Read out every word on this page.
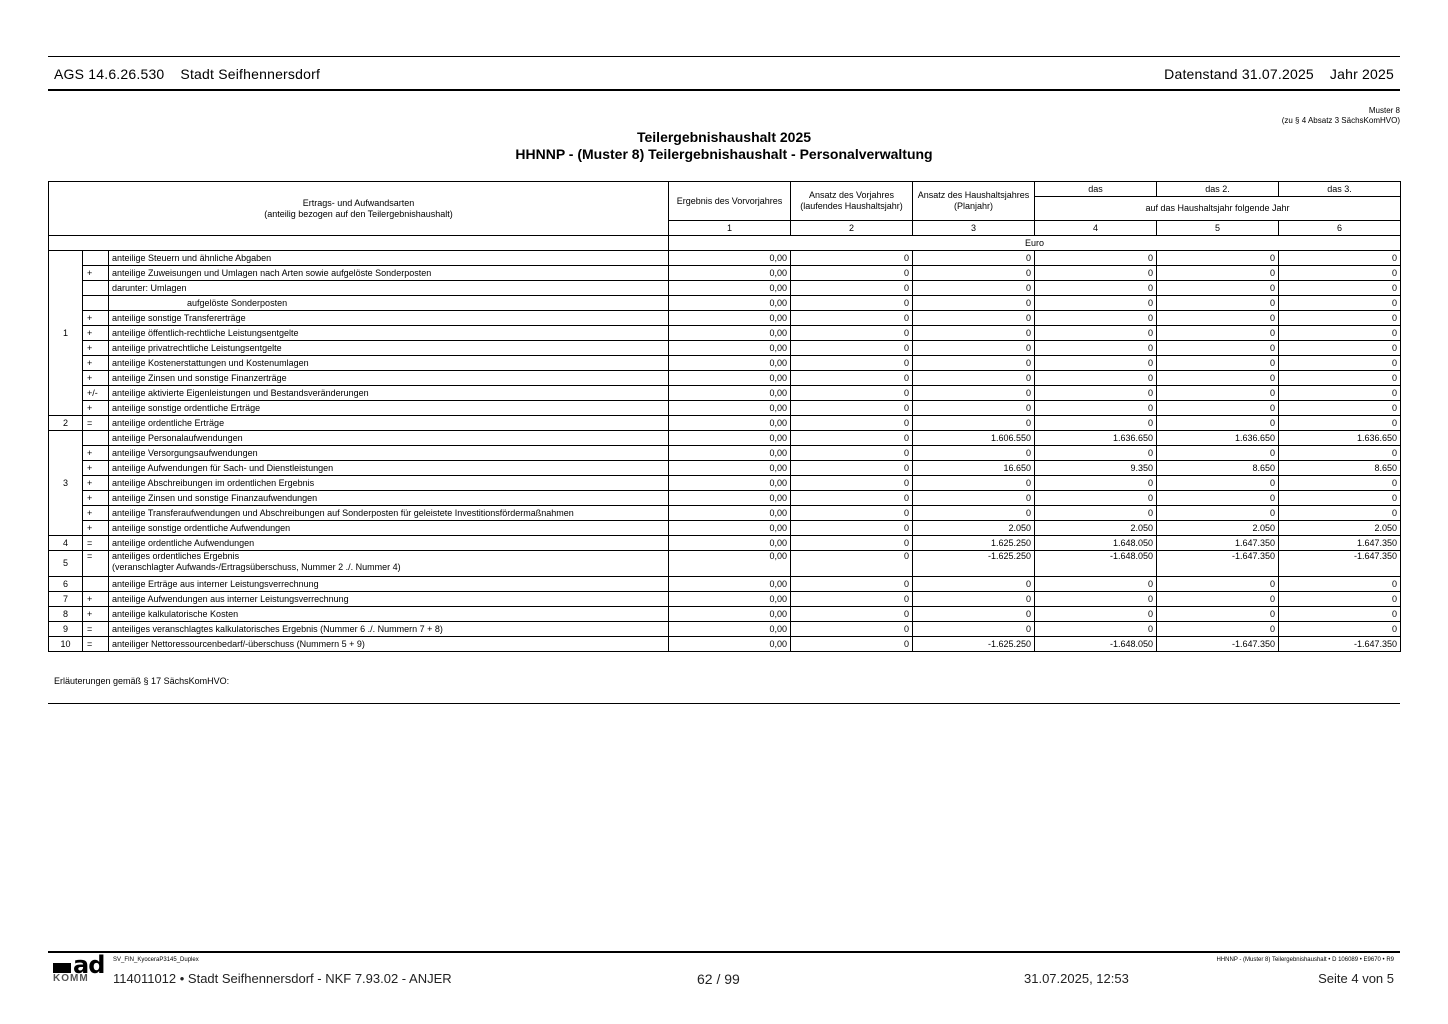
AGS 14.6.26.530 Stadt Seifhennersdorf	Datenstand 31.07.2025 Jahr 2025
Muster 8
(zu § 4 Absatz 3 SächsKomHVO)
Teilergebnishaushalt 2025
HHNNP - (Muster 8) Teilergebnishaushalt - Personalverwaltung
Ertrags- und Aufwandsarten
(anteilig bezogen auf den Teilergebnishaushalt)			Ergebnis des Vorvorjahres	Ansatz des Vorjahres (laufendes Haushaltsjahr)	Ansatz des Haushaltsjahres (Planjahr)	das	das 2.	das 3.
						auf das Haushaltsjahr folgende Jahr		
			1	2	3	4	5	6
			Euro					
1		anteilige Steuern und ähnliche Abgaben	0,00	0	0	0	0	0
	+	anteilige Zuweisungen und Umlagen nach Arten sowie aufgelöste Sonderposten	0,00	0	0	0	0	0
		darunter: Umlagen	0,00	0	0	0	0	0
		aufgelöste Sonderposten	0,00	0	0	0	0	0
	+	anteilige sonstige Transfererträge	0,00	0	0	0	0	0
	+	anteilige öffentlich-rechtliche Leistungsentgelte	0,00	0	0	0	0	0
	+	anteilige privatrechtliche Leistungsentgelte	0,00	0	0	0	0	0
	+	anteilige Kostenerstattungen und Kostenumlagen	0,00	0	0	0	0	0
	+	anteilige Zinsen und sonstige Finanzerträge	0,00	0	0	0	0	0
	+/-	anteilige aktivierte Eigenleistungen und Bestandsveränderungen	0,00	0	0	0	0	0
	+	anteilige sonstige ordentliche Erträge	0,00	0	0	0	0	0
2	=	anteilige ordentliche Erträge	0,00	0	0	0	0	0
3		anteilige Personalaufwendungen	0,00	0	1.606.550	1.636.650	1.636.650	1.636.650
	+	anteilige Versorgungsaufwendungen	0,00	0	0	0	0	0
	+	anteilige Aufwendungen für Sach- und Dienstleistungen	0,00	0	16.650	9.350	8.650	8.650
	+	anteilige Abschreibungen im ordentlichen Ergebnis	0,00	0	0	0	0	0
	+	anteilige Zinsen und sonstige Finanzaufwendungen	0,00	0	0	0	0	0
	+	anteilige Transferaufwendungen und Abschreibungen auf Sonderposten für geleistete Investitionsfördermaßnahmen	0,00	0	0	0	0	0
	+	anteilige sonstige ordentliche Aufwendungen	0,00	0	2.050	2.050	2.050	2.050
4	=	anteilige ordentliche Aufwendungen	0,00	0	1.625.250	1.648.050	1.647.350	1.647.350
5	=	anteiliges ordentliches Ergebnis
(veranschlagter Aufwands-/Ertragsüberschuss, Nummer 2 ./. Nummer 4)	0,00	0	-1.625.250	-1.648.050	-1.647.350	-1.647.350
6		anteilige Erträge aus interner Leistungsverrechnung	0,00	0	0	0	0	0
7	+	anteilige Aufwendungen aus interner Leistungsverrechnung	0,00	0	0	0	0	0
8	+	anteilige kalkulatorische Kosten	0,00	0	0	0	0	0
9	=	anteiliges veranschlagtes kalkulatorisches Ergebnis (Nummer 6 ./. Nummern 7 + 8)	0,00	0	0	0	0	0
10	=	anteiliger Nettoressourcenbedarf/-überschuss (Nummern 5 + 9)	0,00	0	-1.625.250	-1.648.050	-1.647.350	-1.647.350
Erläuterungen gemäß § 17 SächsKomHVO:
ad
KOMM
SV_FIN_KyoceraP3145_Duplex	HHNNP - (Muster 8) Teilergebnishaushalt • D 106089 • E9670 • R9
114011012 • Stadt Seifhennersdorf - NKF 7.93.02 - ANJER	62 / 99	31.07.2025, 12:53	Seite 4 von 5
